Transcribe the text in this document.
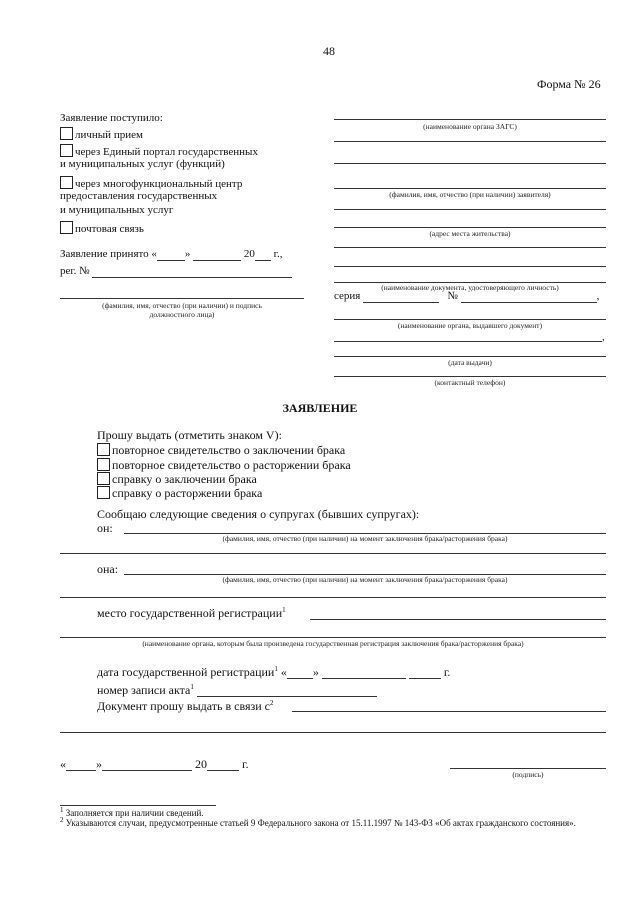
48
Форма № 26
Заявление поступило:
личный прием
через Единый портал государственных
и муниципальных услуг (функций)
через многофункциональный центр
предоставления государственных
и муниципальных услуг
почтовая связь
Заявление принято «	»	20 г.,
рег. №
(фамилия, имя, отчество (при наличии) и подпись
должностного лица)
(наименование органа ЗАГС)
(фамилия, имя, отчество (при наличии) заявителя)
(адрес места жительства)
(наименование документа, удостоверяющего личность)
серия	№	,
(наименование органа, выдавшего документ)
,
(дата выдачи)
(контактный телефон)
ЗАЯВЛЕНИЕ
Прошу выдать (отметить знаком V):
повторное свидетельство о заключении брака
повторное свидетельство о расторжении брака
справку о заключении брака
справку о расторжении брака
Сообщаю следующие сведения о супругах (бывших супругах):
он:
(фамилия, имя, отчество (при наличии) на момент заключения брака/расторжения брака)
она:
(фамилия, имя, отчество (при наличии) на момент заключения брака/расторжения брака)
место государственной регистрации$^1$
(наименование органа, которым была произведена государственная регистрация заключения брака/расторжения брака)
дата государственной регистрации$^1$ « »	г.
номер записи акта$^1$
Документ прошу выдать в связи $с^2$
«	»	20	г.
(подпись)
$^1$ Заполняется при наличии сведений.
$^2$ Указываются случаи, предусмотренные статьей 9 Федерального закона от 15.11.1997 № 143-ФЗ «Об актах гражданского состояния».
